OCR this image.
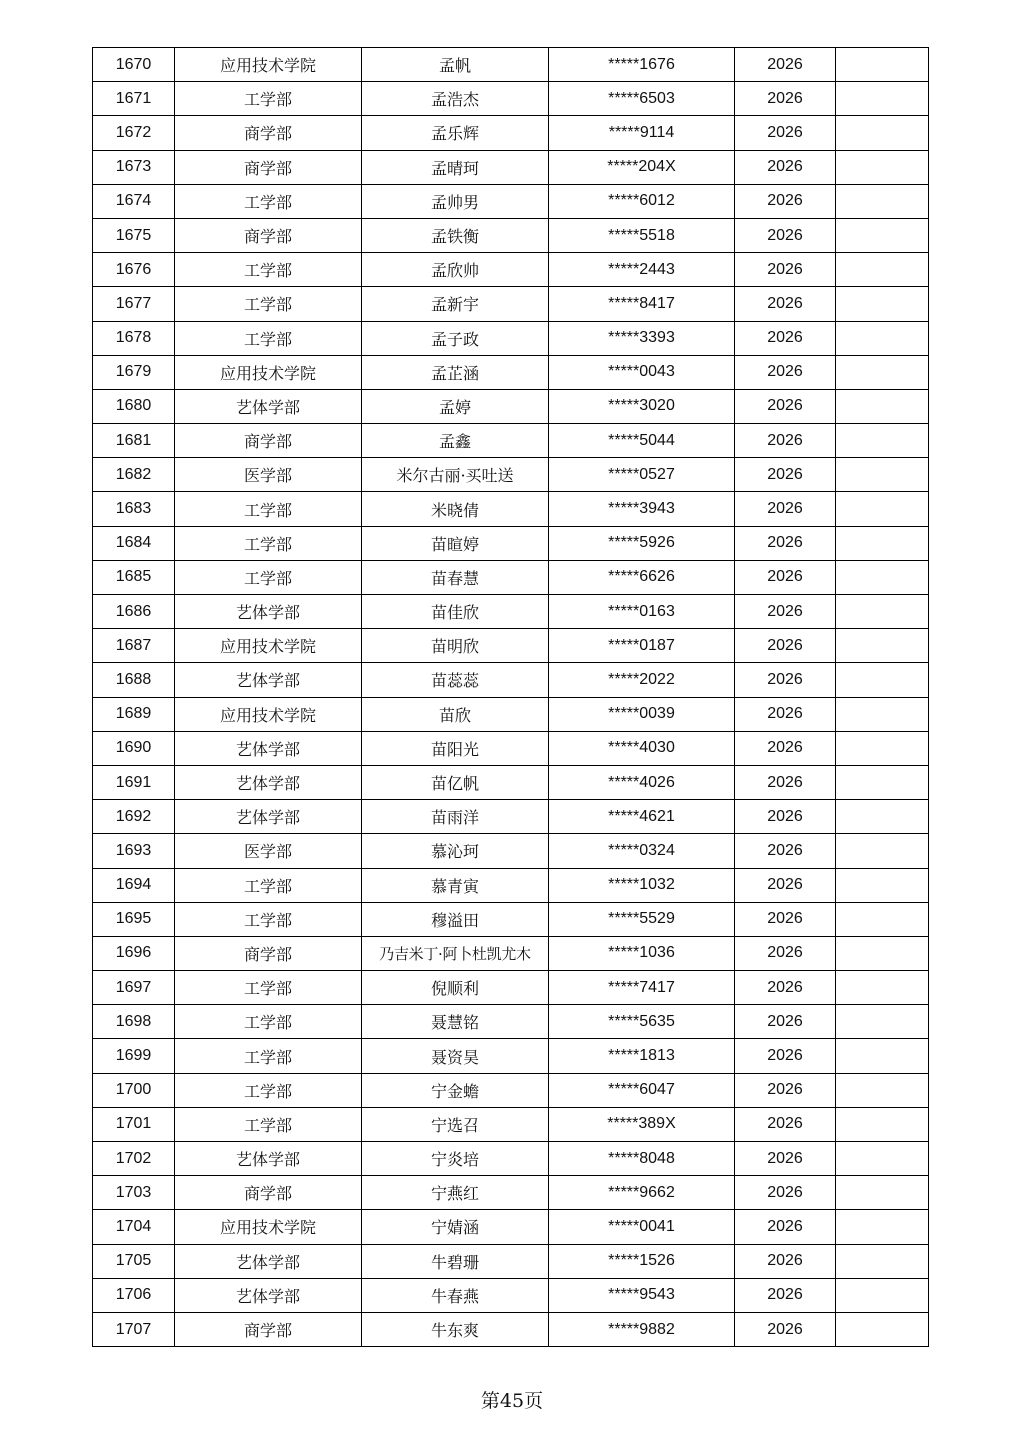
1670	应用技术学院	孟帆	*****1676	2026	
1671	工学部	孟浩杰	*****6503	2026	
1672	商学部	孟乐辉	*****9114	2026	
1673	商学部	孟晴珂	*****204X	2026	
1674	工学部	孟帅男	*****6012	2026	
1675	商学部	孟铁衡	*****5518	2026	
1676	工学部	孟欣帅	*****2443	2026	
1677	工学部	孟新宇	*****8417	2026	
1678	工学部	孟子政	*****3393	2026	
1679	应用技术学院	孟芷涵	*****0043	2026	
1680	艺体学部	孟婷	*****3020	2026	
1681	商学部	孟鑫	*****5044	2026	
1682	医学部	米尔古丽·买吐送	*****0527	2026	
1683	工学部	米晓倩	*****3943	2026	
1684	工学部	苗暄婷	*****5926	2026	
1685	工学部	苗春慧	*****6626	2026	
1686	艺体学部	苗佳欣	*****0163	2026	
1687	应用技术学院	苗明欣	*****0187	2026	
1688	艺体学部	苗蕊蕊	*****2022	2026	
1689	应用技术学院	苗欣	*****0039	2026	
1690	艺体学部	苗阳光	*****4030	2026	
1691	艺体学部	苗亿帆	*****4026	2026	
1692	艺体学部	苗雨洋	*****4621	2026	
1693	医学部	慕沁珂	*****0324	2026	
1694	工学部	慕青寅	*****1032	2026	
1695	工学部	穆溢田	*****5529	2026	
1696	商学部	乃吉米丁·阿卜杜凯尤木	*****1036	2026	
1697	工学部	倪顺利	*****7417	2026	
1698	工学部	聂慧铭	*****5635	2026	
1699	工学部	聂资昊	*****1813	2026	
1700	工学部	宁金蟾	*****6047	2026	
1701	工学部	宁选召	*****389X	2026	
1702	艺体学部	宁炎培	*****8048	2026	
1703	商学部	宁燕红	*****9662	2026	
1704	应用技术学院	宁婧涵	*****0041	2026	
1705	艺体学部	牛碧珊	*****1526	2026	
1706	艺体学部	牛春燕	*****9543	2026	
1707	商学部	牛东爽	*****9882	2026	
第45页
